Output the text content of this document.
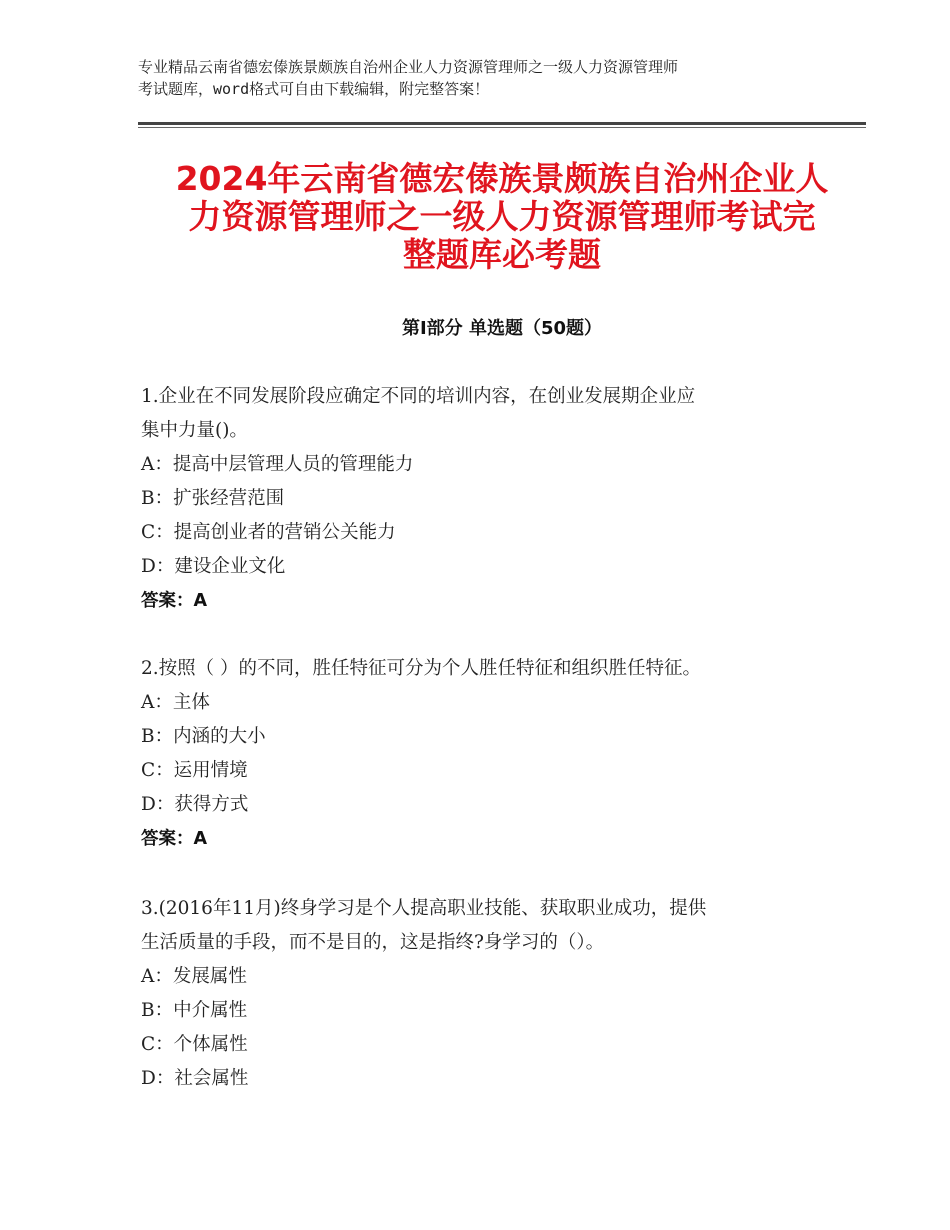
专业精品云南省德宏傣族景颇族自治州企业人力资源管理师之一级人力资源管理师
考试题库，word格式可自由下载编辑，附完整答案！
2024年云南省德宏傣族景颇族自治州企业人
力资源管理师之一级人力资源管理师考试完
整题库必考题
第Ⅰ部分 单选题（50题）
1.企业在不同发展阶段应确定不同的培训内容，在创业发展期企业应
集中力量()。
A：提高中层管理人员的管理能力
B：扩张经营范围
C：提高创业者的营销公关能力
D：建设企业文化
答案：A
2.按照（ ）的不同，胜任特征可分为个人胜任特征和组织胜任特征。
A：主体
B：内涵的大小
C：运用情境
D：获得方式
答案：A
3.(2016年11月)终身学习是个人提高职业技能、获取职业成功，提供
生活质量的手段，而不是目的，这是指终?身学习的（）。
A：发展属性
B：中介属性
C：个体属性
D：社会属性
